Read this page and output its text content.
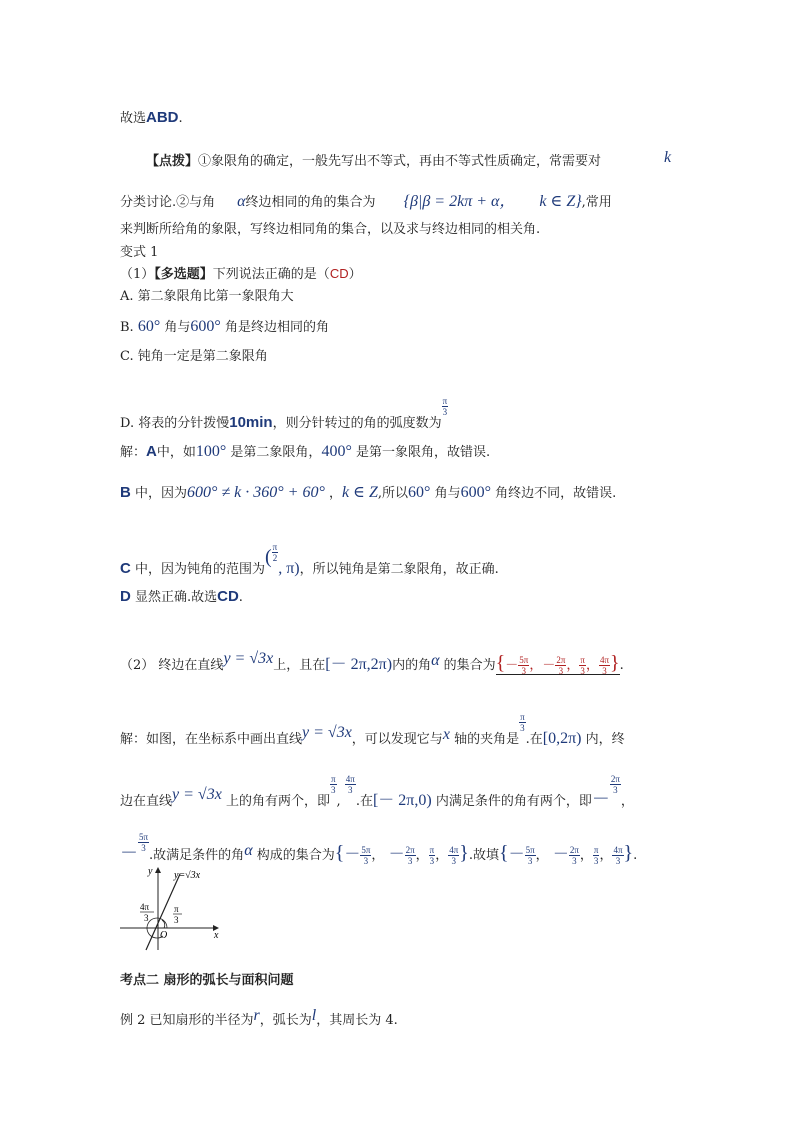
故选ABD.
【点拨】①象限角的确定，一般先写出不等式，再由不等式性质确定，常需要对	k
分类讨论.②与角 α终边相同的角的集合为 {β|β = 2kπ + α， k ∈ Z},常用
来判断所给角的象限，写终边相同角的集合，以及求与终边相同的相关角.
变式 1
（1）【多选题】下列说法正确的是（CD）
A. 第二象限角比第一象限角大
B. 60° 角与600° 角是终边相同的角
C. 钝角一定是第二象限角
D. 将表的分针拨慢10min，则分针转过的角的弧度数为
$\frac{\pi}{3}$
解：A中，如100° 是第二象限角，400° 是第一象限角，故错误.
B 中，因为600° ≠ k · 360° + 60° ，k ∈ Z,所以60° 角与600° 角终边不同，故错误.
C 中，因为钝角的范围为( $\frac{\pi}{2}$
, π)，所以钝角是第二象限角，故正确.
D 显然正确.故选CD.
（2） 终边在直线y = √3x上，且在[－ 2π,2π)内的角α 的集合为{－ $\frac{5\pi}{3}$ ，－ $\frac{2\pi}{3}$ ， $\frac{\pi}{3}$ ， $\frac{4\pi}{3}$ }.
解：如图，在坐标系中画出直线y = √3x，可以发现它与x 轴的夹角是
$\frac{\pi}{3}$
.在[0,2π) 内，终
边在直线y = √3x 上的角有两个，即
$\frac{\pi}{3}$
,
$\frac{4\pi}{3}$
.在[－ 2π,0) 内满足条件的角有两个，即－
$\frac{2\pi}{3}$
，
－ $\frac{5\pi}{3}$
.故满足条件的角α 构成的集合为{－ $\frac{5\pi}{3}$ ， － $\frac{2\pi}{3}$ ， $\frac{\pi}{3}$ ， $\frac{4\pi}{3}$ }.故填{－ $\frac{5\pi}{3}$ ， － $\frac{2\pi}{3}$ ， $\frac{\pi}{3}$ ， $\frac{4\pi}{3}$ }.
y
x
O
y=√3x
4π
3
π
3
考点二 扇形的弧长与面积问题
例 2 已知扇形的半径为r，弧长为l，其周长为 4.
